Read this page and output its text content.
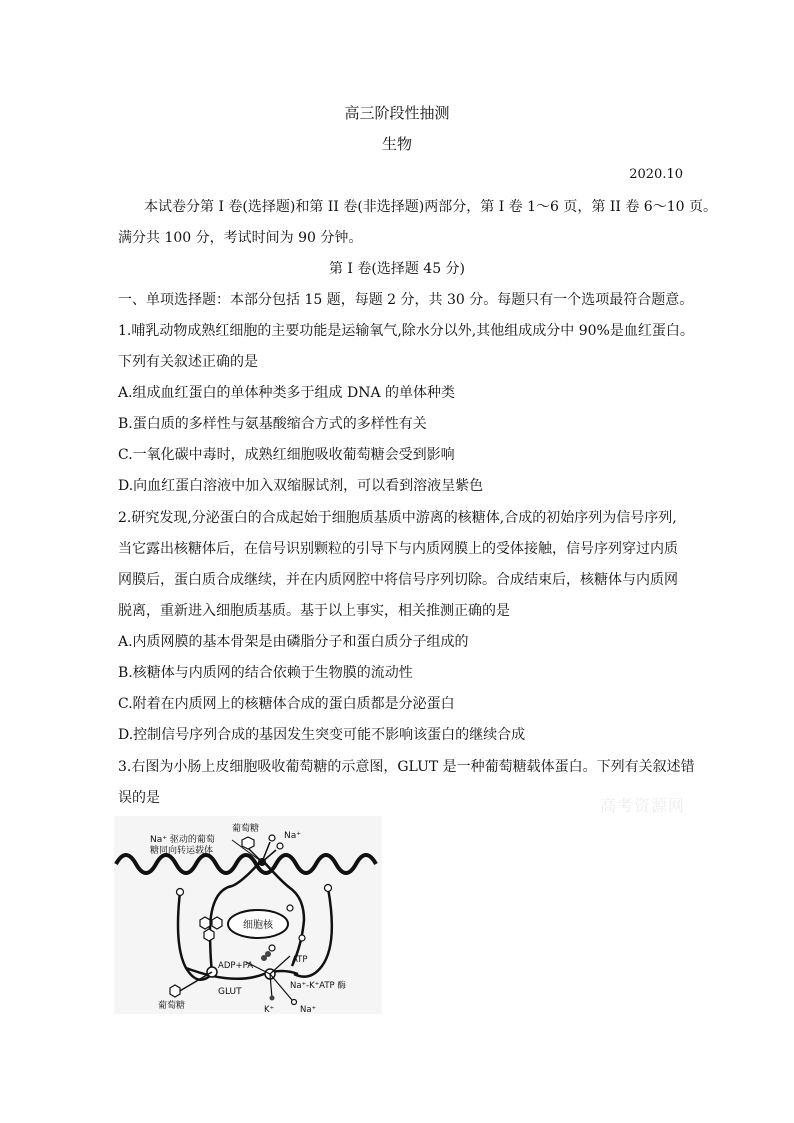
高三阶段性抽测
生物
2020.10
本试卷分第 I 卷(选择题)和第 II 卷(非选择题)两部分，第 I 卷 1～6 页，第 II 卷 6～10 页。
满分共 100 分，考试时间为 90 分钟。
第 I 卷(选择题 45 分)
一、单项选择题：本部分包括 15 题，每题 2 分，共 30 分。每题只有一个选项最符合题意。
1.哺乳动物成熟红细胞的主要功能是运输氧气,除水分以外,其他组成成分中 90%是血红蛋白。
下列有关叙述正确的是
A.组成血红蛋白的单体种类多于组成 DNA 的单体种类
B.蛋白质的多样性与氨基酸缩合方式的多样性有关
C.一氧化碳中毒时，成熟红细胞吸收葡萄糖会受到影响
D.向血红蛋白溶液中加入双缩脲试剂，可以看到溶液呈紫色
2.研究发现,分泌蛋白的合成起始于细胞质基质中游离的核糖体,合成的初始序列为信号序列,
当它露出核糖体后，在信号识别颗粒的引导下与内质网膜上的受体接触，信号序列穿过内质
网膜后，蛋白质合成继续，并在内质网腔中将信号序列切除。合成结束后，核糖体与内质网
脱离，重新进入细胞质基质。基于以上事实，相关推测正确的是
A.内质网膜的基本骨架是由磷脂分子和蛋白质分子组成的
B.核糖体与内质网的结合依赖于生物膜的流动性
C.附着在内质网上的核糖体合成的蛋白质都是分泌蛋白
D.控制信号序列合成的基因发生突变可能不影响该蛋白的继续合成
3.右图为小肠上皮细胞吸收葡萄糖的示意图，GLUT 是一种葡萄糖载体蛋白。下列有关叙述错
误的是	高考资源网
Na⁺ 驱动的葡萄
糖同向转运载体
葡萄糖
Na⁺
细胞核
ADP+PA
ATP
GLUT
葡萄糖
Na⁺-K⁺ATP 酶
K⁺	Na⁺
